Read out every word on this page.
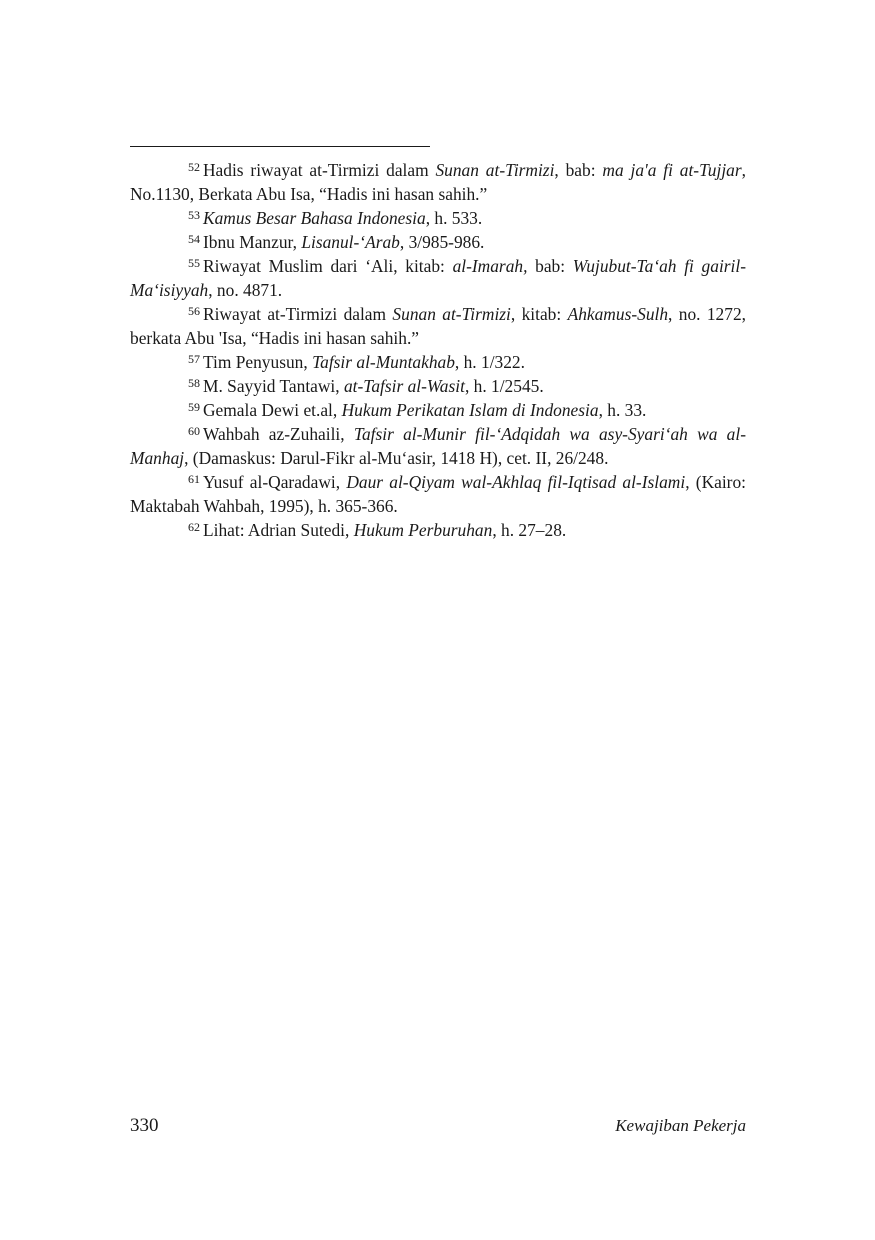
$^{52}$ Hadis riwayat at-Tirmizi dalam Sunan at-Tirmizi, bab: ma ja'a fi at-Tujjar, No.1130, Berkata Abu Isa, “Hadis ini hasan sahih.”

$^{53}$ Kamus Besar Bahasa Indonesia, h. 533.

$^{54}$ Ibnu Manzur, Lisanul-‘Arab, 3/985-986.

$^{55}$ Riwayat Muslim dari ‘Ali, kitab: al-Imarah, bab: Wujubut-Ta‘ah fi gairil- Ma‘isiyyah, no. 4871.

$^{56}$ Riwayat at-Tirmizi dalam Sunan at-Tirmizi, kitab: Ahkamus-Sulh, no. 1272, berkata Abu 'Isa, “Hadis ini hasan sahih.”

$^{57}$ Tim Penyusun, Tafsir al-Muntakhab, h. 1/322.

$^{58}$ M. Sayyid Tantawi, at-Tafsir al-Wasit, h. 1/2545.

$^{59}$ Gemala Dewi et.al, Hukum Perikatan Islam di Indonesia, h. 33.

$^{60}$ Wahbah az-Zuhaili, Tafsir al-Munir fil-‘Adqidah wa asy-Syari‘ah wa al-Manhaj, (Damaskus: Darul-Fikr al-Mu‘asir, 1418 H), cet. II, 26/248.

$^{61}$ Yusuf al-Qaradawi, Daur al-Qiyam wal-Akhlaq fil-Iqtisad al-Islami, (Kairo: Maktabah Wahbah, 1995), h. 365-366.

$^{62}$ Lihat: Adrian Sutedi, Hukum Perburuhan, h. 27–28.

330	Kewajiban Pekerja
